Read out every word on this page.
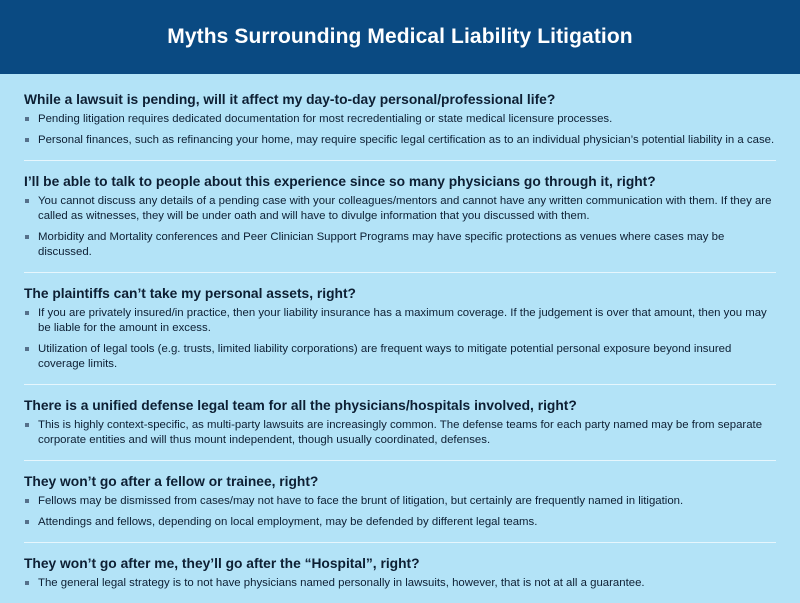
Myths Surrounding Medical Liability Litigation
While a lawsuit is pending, will it affect my day-to-day personal/professional life?
Pending litigation requires dedicated documentation for most recredentialing or state medical licensure processes.
Personal finances, such as refinancing your home, may require specific legal certification as to an individual physician’s potential liability in a case.
I’ll be able to talk to people about this experience since so many physicians go through it, right?
You cannot discuss any details of a pending case with your colleagues/mentors and cannot have any written communication with them. If they are called as witnesses, they will be under oath and will have to divulge information that you discussed with them.
Morbidity and Mortality conferences and Peer Clinician Support Programs may have specific protections as venues where cases may be discussed.
The plaintiffs can’t take my personal assets, right?
If you are privately insured/in practice, then your liability insurance has a maximum coverage. If the judgement is over that amount, then you may be liable for the amount in excess.
Utilization of legal tools (e.g. trusts, limited liability corporations) are frequent ways to mitigate potential personal exposure beyond insured coverage limits.
There is a unified defense legal team for all the physicians/hospitals involved, right?
This is highly context-specific, as multi-party lawsuits are increasingly common. The defense teams for each party named may be from separate corporate entities and will thus mount independent, though usually coordinated, defenses.
They won’t go after a fellow or trainee, right?
Fellows may be dismissed from cases/may not have to face the brunt of litigation, but certainly are frequently named in litigation.
Attendings and fellows, depending on local employment, may be defended by different legal teams.
They won’t go after me, they’ll go after the “Hospital”, right?
The general legal strategy is to not have physicians named personally in lawsuits, however, that is not at all a guarantee.
